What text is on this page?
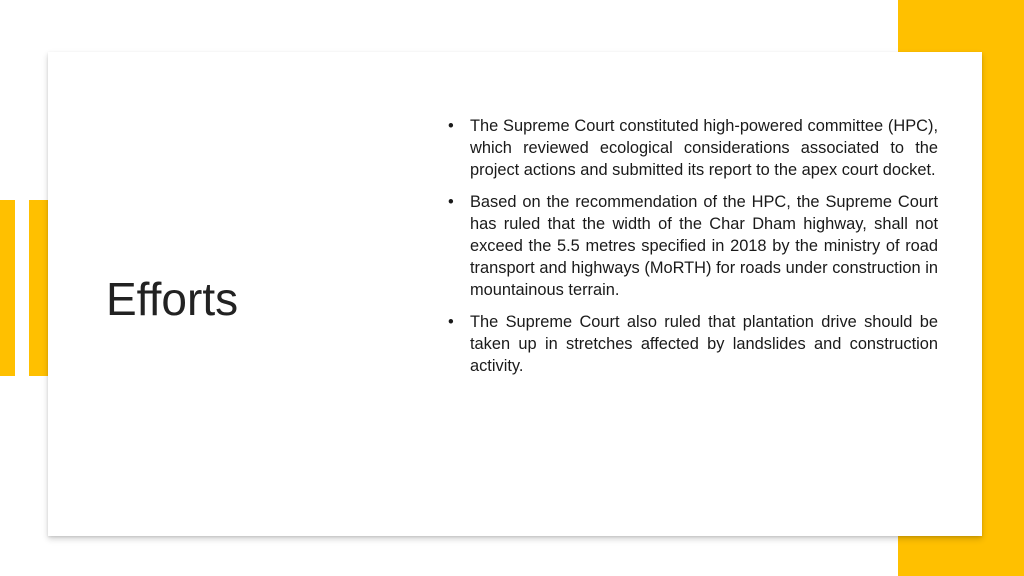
Efforts
• The Supreme Court constituted high-powered committee (HPC), which reviewed ecological considerations associated to the project actions and submitted its report to the apex court docket.
• Based on the recommendation of the HPC, the Supreme Court has ruled that the width of the Char Dham highway, shall not exceed the 5.5 metres specified in 2018 by the ministry of road transport and highways (MoRTH) for roads under construction in mountainous terrain.
• The Supreme Court also ruled that plantation drive should be taken up in stretches affected by landslides and construction activity.
